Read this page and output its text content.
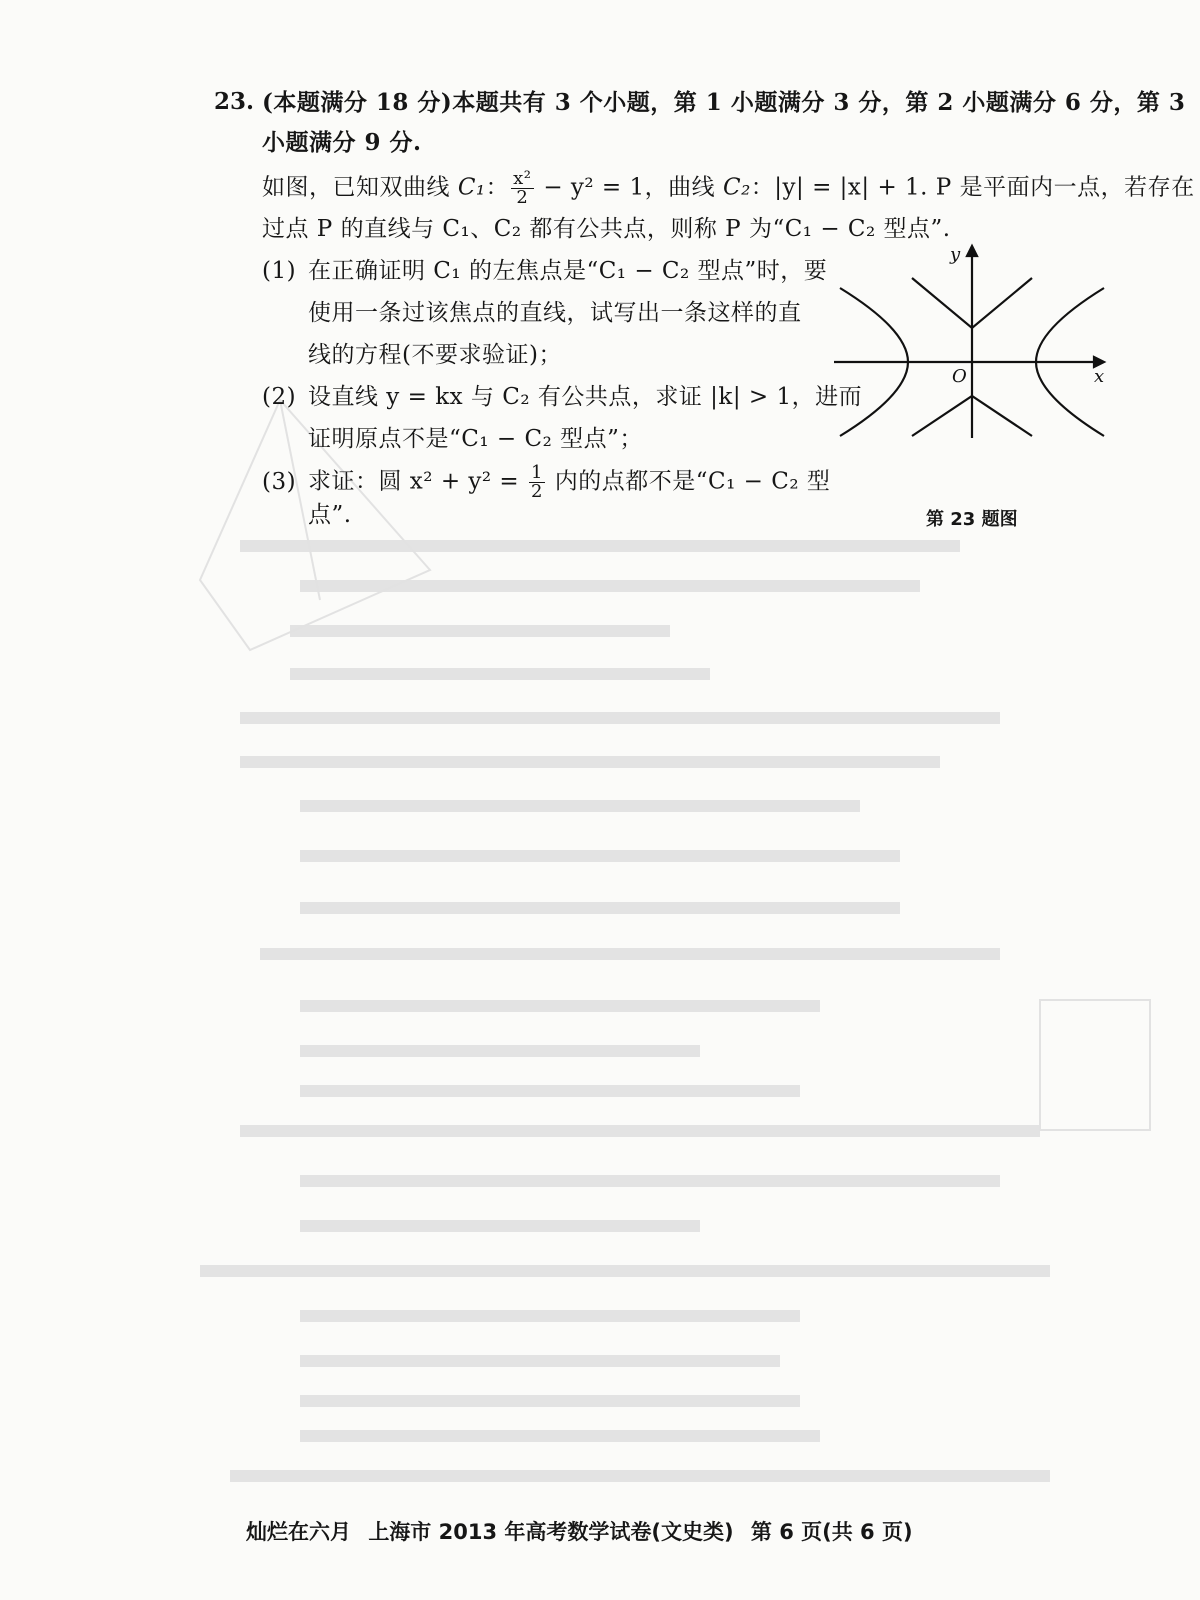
23. (本题满分 18 分)本题共有 3 个小题，第 1 小题满分 3 分，第 2 小题满分 6 分，第 3
小题满分 9 分.
如图，已知双曲线 C₁： $\frac{\text{x²}}{2} - y^2 = 1$，曲线 C₂：|y| = |x| + 1. P 是平面内一点，若存在
过点 P 的直线与 C₁、C₂ 都有公共点，则称 P 为“C₁ − C₂ 型点”.
(1) 在正确证明 C₁ 的左焦点是“C₁ − C₂ 型点”时，要
使用一条过该焦点的直线，试写出一条这样的直
线的方程(不要求验证)；
(2) 设直线 y = kx 与 C₂ 有公共点，求证 |k| > 1，进而
证明原点不是“C₁ − C₂ 型点”；
(3) 求证：圆 $x^2 + y^2 = \frac{1}{2}$ 内的点都不是“C₁ − C₂ 型
点”.
x
y
O
第 23 题图
灿烂在六月 上海市 2013 年高考数学试卷(文史类) 第 6 页(共 6 页)
